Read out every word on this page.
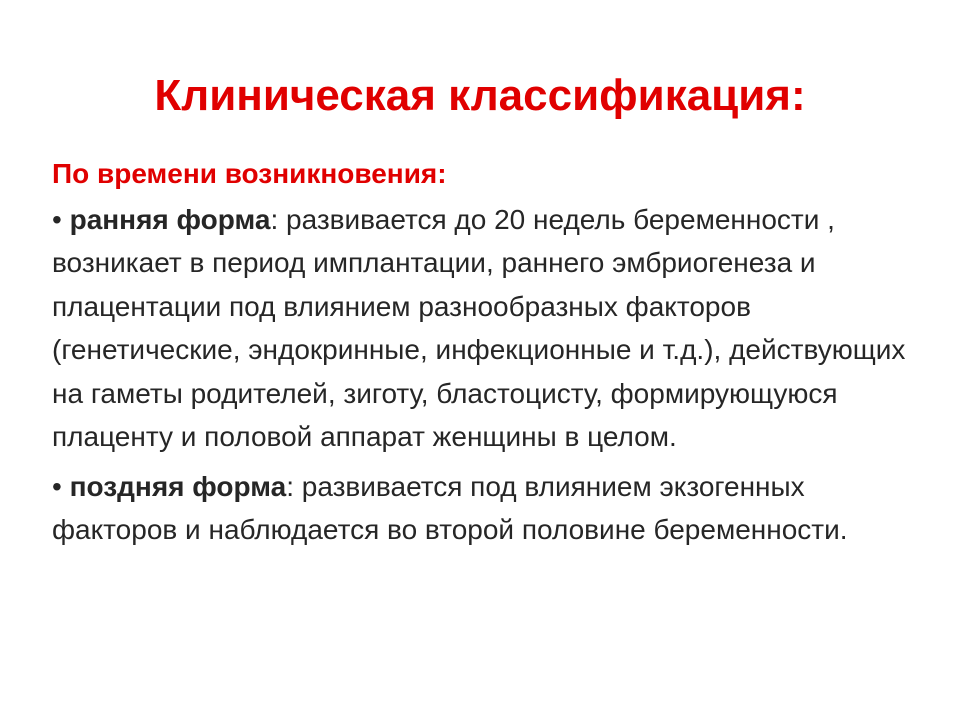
Клиническая классификация:
По времени возникновения:
• ранняя форма: развивается до 20 недель беременности , возникает в период имплантации, раннего эмбриогенеза и плацентации под влиянием разнообразных факторов (генетические, эндокринные, инфекционные и т.д.), действующих на гаметы родителей, зиготу, бластоцисту, формирующуюся плаценту и половой аппарат женщины в целом.
• поздняя форма: развивается под влиянием экзогенных факторов и наблюдается во второй половине беременности.
